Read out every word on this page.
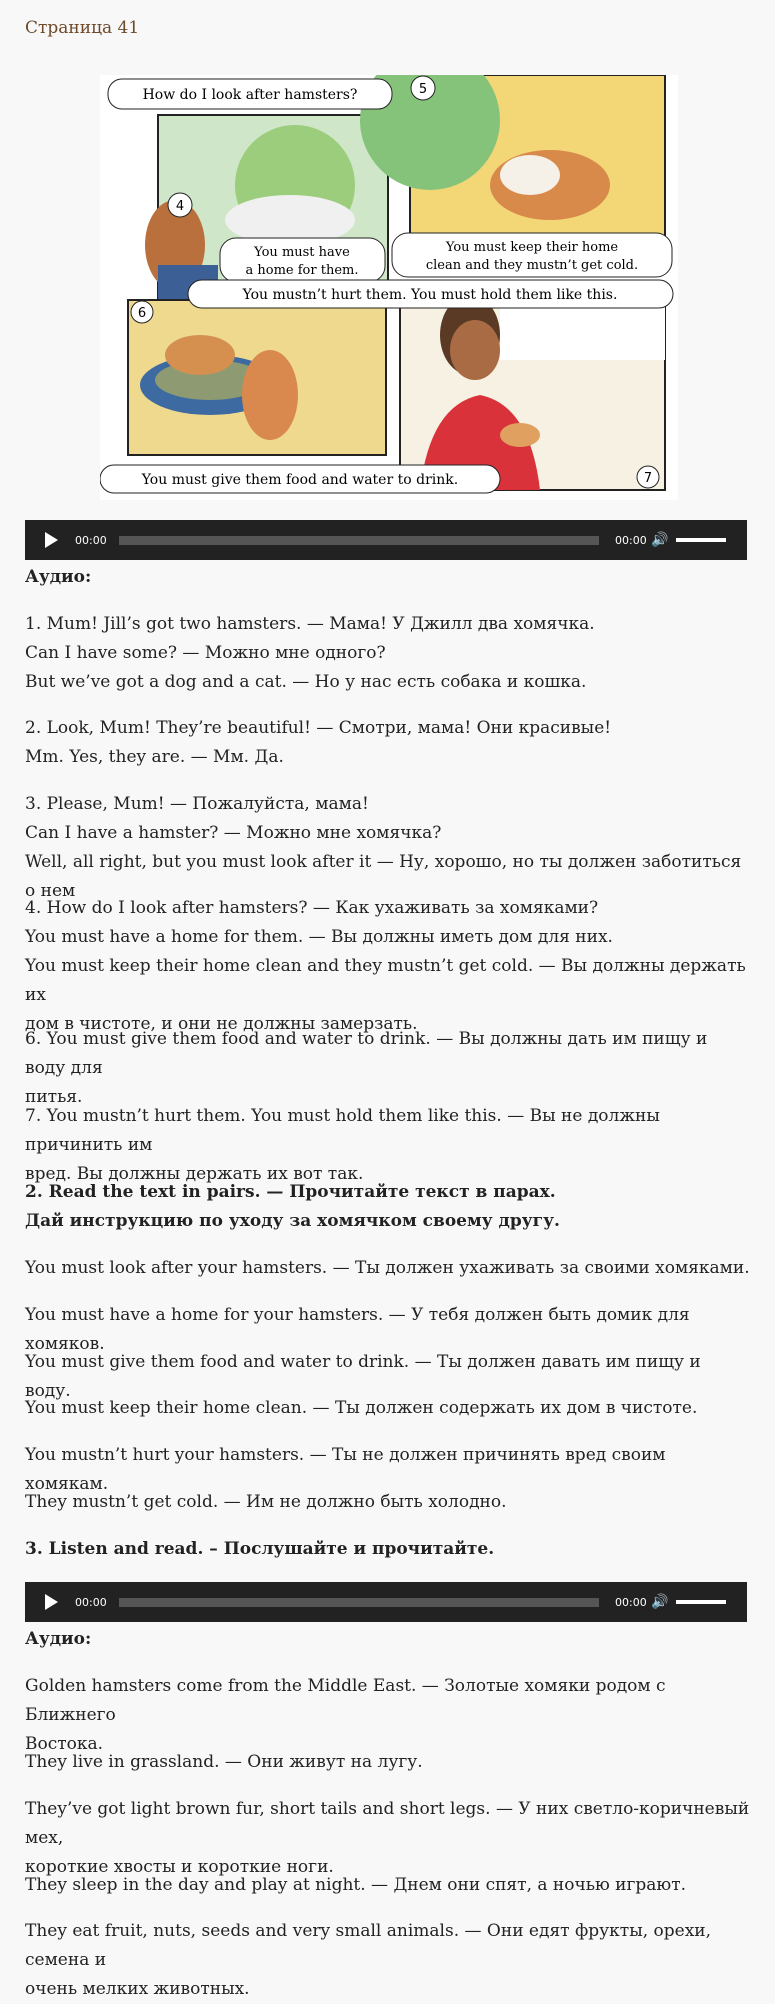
Страница 41
4
5
6
7
How do I look after hamsters?
You must have
a home for them.
You must keep their home
clean and they mustn’t get cold.
You mustn’t hurt them. You must hold them like this.
You must give them food and water to drink.
00:00	00:00 🔊
Аудио:
1. Mum! Jill’s got two hamsters. — Мама! У Джилл два хомячка.
Can I have some? — Можно мне одного?
But we’ve got a dog and a cat. — Но у нас есть собака и кошка.
2. Look, Mum! They’re beautiful! — Смотри, мама! Они красивые!
Mm. Yes, they are. — Мм. Да.
3. Please, Mum! — Пожалуйста, мама!
Can I have a hamster? — Можно мне хомячка?
Well, all right, but you must look after it — Ну, хорошо, но ты должен заботиться о нем
4. How do I look after hamsters? — Как ухаживать за хомяками?
You must have a home for them. — Вы должны иметь дом для них.
You must keep their home clean and they mustn’t get cold. — Вы должны держать их
дом в чистоте, и они не должны замерзать.
6. You must give them food and water to drink. — Вы должны дать им пищу и воду для
питья.
7. You mustn’t hurt them. You must hold them like this. — Вы не должны причинить им
вред. Вы должны держать их вот так.
2. Read the text in pairs. — Прочитайте текст в парах.
Дай инструкцию по уходу за хомячком своему другу.
You must look after your hamsters. — Ты должен ухаживать за своими хомяками.
You must have a home for your hamsters. — У тебя должен быть домик для хомяков.
You must give them food and water to drink. — Ты должен давать им пищу и воду.
You must keep their home clean. — Ты должен содержать их дом в чистоте.
You mustn’t hurt your hamsters. — Ты не должен причинять вред своим хомякам.
They mustn’t get cold. — Им не должно быть холодно.
3. Listen and read. – Послушайте и прочитайте.
00:00	00:00 🔊
Аудио:
Golden hamsters come from the Middle East. — Золотые хомяки родом с Ближнего
Востока.
They live in grassland. — Они живут на лугу.
They’ve got light brown fur, short tails and short legs. — У них светло-коричневый мех,
короткие хвосты и короткие ноги.
They sleep in the day and play at night. — Днем они спят, а ночью играют.
They eat fruit, nuts, seeds and very small animals. — Они едят фрукты, орехи, семена и
очень мелких животных.
